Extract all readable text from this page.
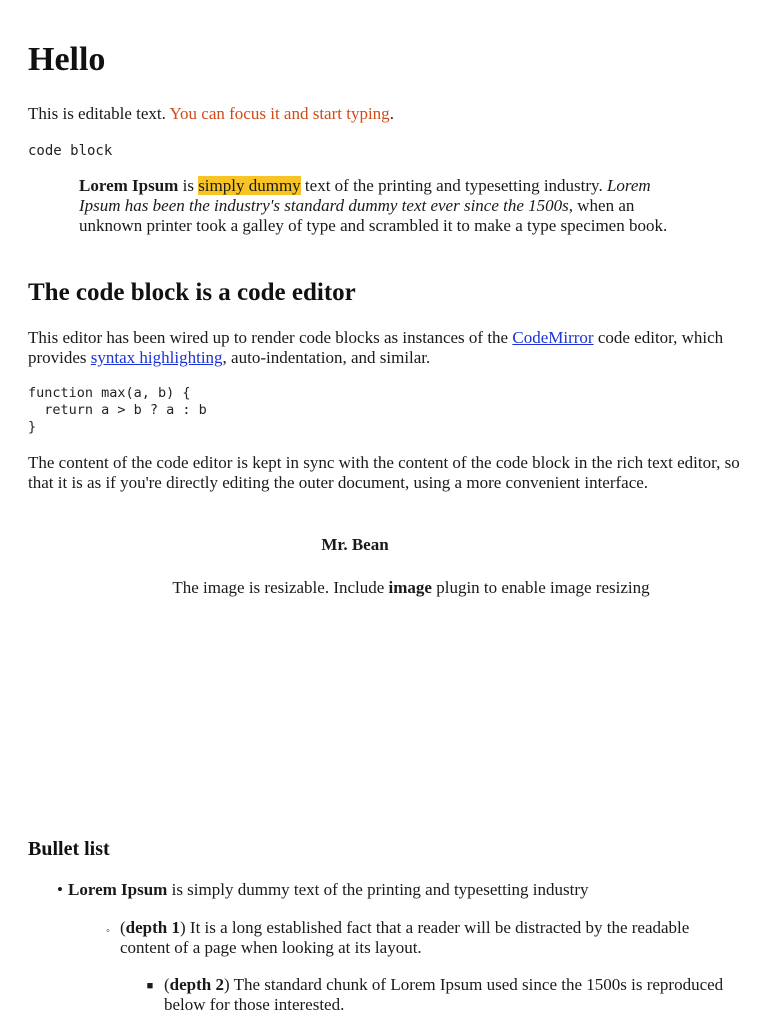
Hello

This is editable text. You can focus it and start typing.

code block
Lorem Ipsum is simply dummy text of the printing and typesetting industry. Lorem Ipsum has been the industry's standard dummy text ever since the 1500s, when an unknown printer took a galley of type and scrambled it to make a type specimen book.
The code block is a code editor

This editor has been wired up to render code blocks as instances of the CodeMirror code editor, which provides syntax highlighting, auto-indentation, and similar.

function max(a, b) {
return a > b ? a : b
}

The content of the code editor is kept in sync with the content of the code block in the rich text editor, so that it is as if you're directly editing the outer document, using a more convenient interface.

Mr. Bean
The image is resizable. Include image plugin to enable image resizing
Bullet list
• Lorem Ipsum is simply dummy text of the printing and typesetting industry
◦ (depth 1) It is a long established fact that a reader will be distracted by the readable content of a page when looking at its layout.
■ (depth 2) The standard chunk of Lorem Ipsum used since the 1500s is reproduced below for those interested.
